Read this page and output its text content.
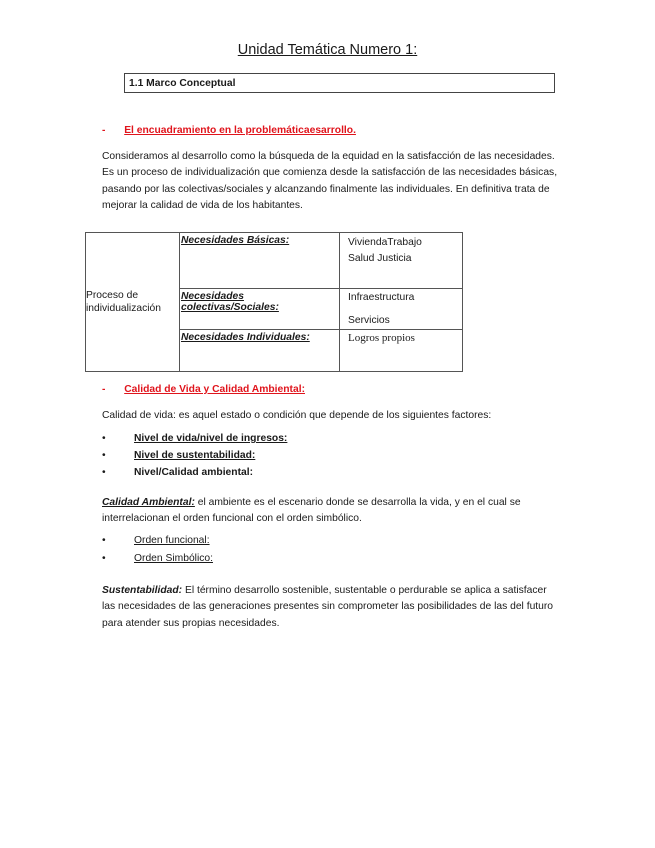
Unidad Temática Numero 1:
1.1 Marco Conceptual
- El encuadramiento en la problemáticaesarrollo.
Consideramos al desarrollo como la búsqueda de la equidad en la satisfacción de las necesidades. Es un proceso de individualización que comienza desde la satisfacción de las necesidades básicas, pasando por las colectivas/sociales y alcanzando finalmente las individuales. En definitiva trata de mejorar la calidad de vida de los habitantes.
Proceso de individualización	Necesidades Básicas:	ViviendaTrabajo
Salud Justicia

	Necesidades colectivas/Sociales:	Infraestructura
Servicios

	Necesidades Individuales:	Logros propios
- Calidad de Vida y Calidad Ambiental:
Calidad de vida: es aquel estado o condición que depende de los siguientes factores:
•	Nivel de vida/nivel de ingresos:
•	Nivel de sustentabilidad:
•	Nivel/Calidad ambiental:
Calidad Ambiental: el ambiente es el escenario donde se desarrolla la vida, y en el cual se interrelacionan el orden funcional con el orden simbólico.
•	Orden funcional:
•	Orden Simbólico:
Sustentabilidad: El término desarrollo sostenible, sustentable o perdurable se aplica a satisfacer las necesidades de las generaciones presentes sin comprometer las posibilidades de las del futuro para atender sus propias necesidades.
